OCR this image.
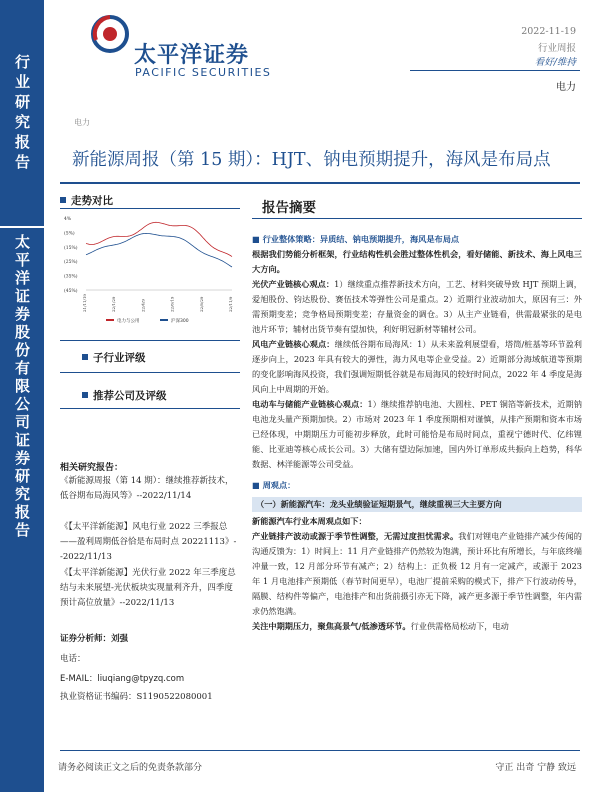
行业研究报告
太平洋证券股份有限公司证券研究报告
太平洋证券
PACIFIC SECURITIES
2022-11-19
行业周报
看好/维持
电力
电力
新能源周报（第 15 期）：HJT、钠电预期提升，海风是布局点
走势对比
4%
(5%)
(15%)
(25%)
(35%)
(45%)
21/11/19	22/1/29	22/4/9	22/6/19	22/8/29	22/11/9
电力与公用	沪深300
子行业评级
推荐公司及评级
相关研究报告：
《新能源周报（第 14 期）：继续推荐新技术，低谷期布局海风等》--2022/11/14
《【太平洋新能源】风电行业 2022 三季报总——盈利周期低谷恰是布局时点 20221113》--2022/11/13
《【太平洋新能源】光伏行业 2022 年三季度总结与未来展望-光伏板块实现量利齐升，四季度预计高位放量》--2022/11/13
证券分析师：刘强
电话：
E-MAIL：liuqiang@tpyzq.com
执业资格证书编码：S1190522080001
报告摘要

■ 行业整体策略：异质结、钠电预期提升，海风是布局点

根据我们势能分析框架，行业结构性机会胜过整体性机会，看好储能、新技术、海上风电三大方向。

光伏产业链核心观点：1）继续重点推荐新技术方向，工艺、材料突破导致 HJT 预期上调，爱旭股份、钧达股份、赛伍技术等弹性公司是重点。2）近期行业波动加大，原因有三：外需预期变差；竞争格局预期变差；存量资金的调仓。3）从主产业链看，供需最紧张的是电池片环节；辅材出货节奏有望加快，利好明冠新材等辅材公司。

风电产业链核心观点：继续低谷期布局海风：1）从未来盈利展望看，塔筒/桩基等环节盈利逐步向上，2023 年具有较大的弹性，海力风电等企业受益。2）近期部分海域航道等预期的变化影响海风投资，我们强调短期低谷就是布局海风的较好时间点，2022 年 4 季度是海风向上中周期的开始。

电动车与储能产业链核心观点：1）继续推荐钠电池、大圆柱、PET 铜箔等新技术，近期钠电池龙头量产预期加快。2）市场对 2023 年 1 季度预期相对谨慎，从排产预期和资本市场已经体现，中期期压力可能初步释放，此时可能恰是布局时间点，重视宁德时代、亿纬锂能、比亚迪等核心成长公司。3）大储有望边际加速，国内外订单形成共振向上趋势，科华数据、林洋能源等公司受益。

■ 周观点：

（一）新能源汽车：龙头业绩验证短期景气，继续重视三大主要方向

新能源汽车行业本周观点如下：

产业链排产波动或源于季节性调整，无需过度担忧需求。我们对锂电产业链排产减少传闻的沟通反馈为：1）时间上：11 月产业链排产仍然较为饱满，预计环比有所增长，与年底终端冲量一致，12 月部分环节有减产；2）结构上：正负极 12 月有一定减产，或源于 2023 年 1 月电池排产预期低（春节时间更早），电池厂提前采购的模式下，排产下行波动传导，隔膜、结构件等偏产，电池排产和出货前摄引亦无下降，减产更多源于季节性调整，年内需求仍然饱满。

关注中期期压力，聚焦高景气/低渗透环节。行业供需格局松动下，电动

请务必阅读正文之后的免责条款部分	守正 出奇 宁静 致远
